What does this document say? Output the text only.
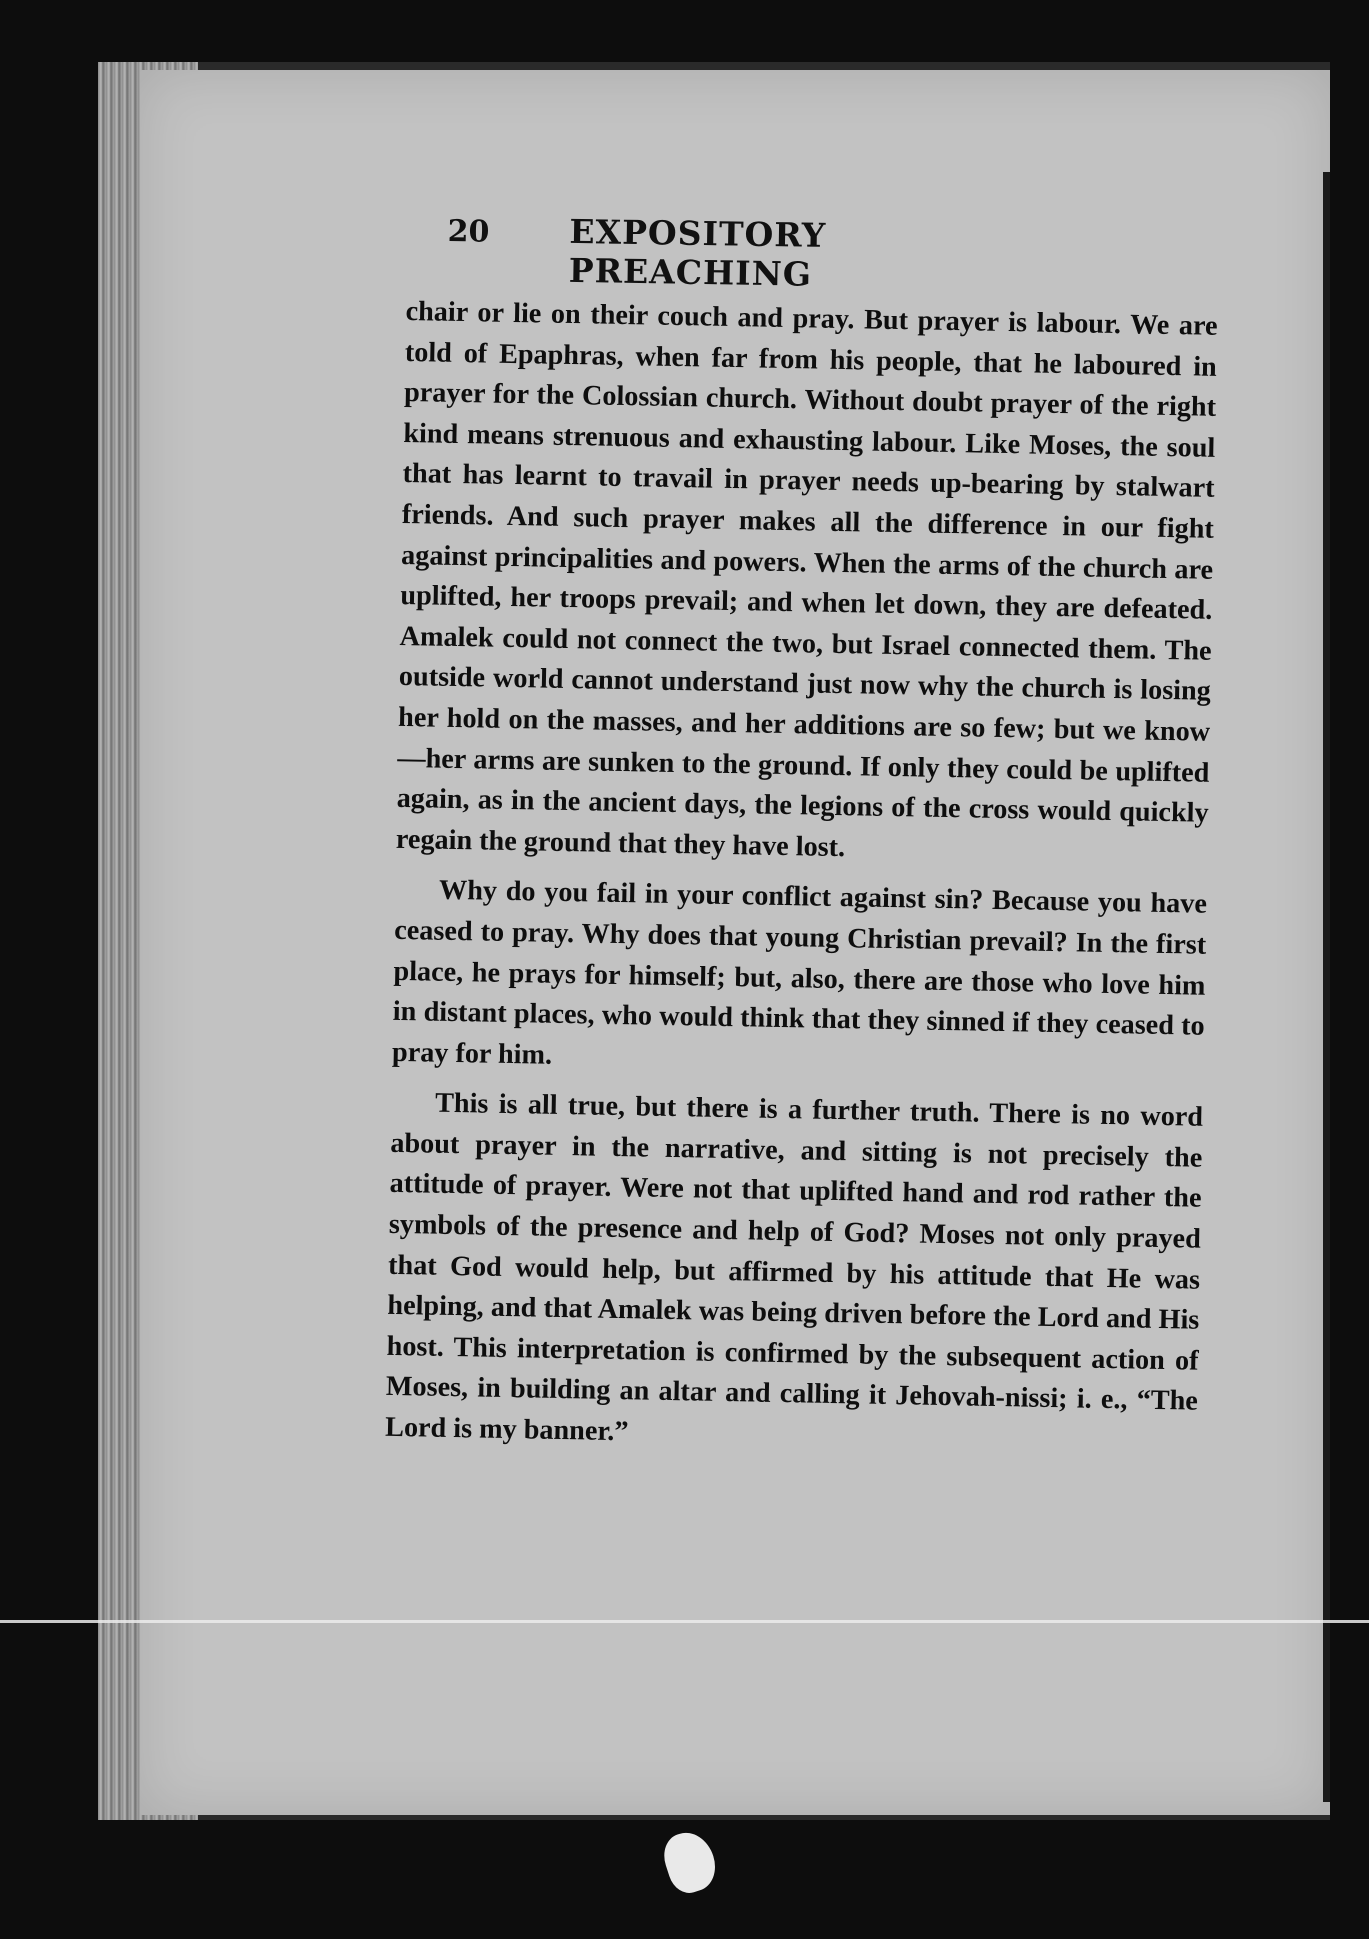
20 EXPOSITORY PREACHING

chair or lie on their couch and pray. But prayer is labour. We are told of Epaphras, when far from his people, that he laboured in prayer for the Colossian church. Without doubt prayer of the right kind means strenuous and exhausting labour. Like Moses, the soul that has learnt to travail in prayer needs up-bearing by stalwart friends. And such prayer makes all the difference in our fight against principalities and powers. When the arms of the church are uplifted, her troops prevail; and when let down, they are defeated. Amalek could not connect the two, but Israel connected them. The outside world cannot understand just now why the church is losing her hold on the masses, and her additions are so few; but we know—her arms are sunken to the ground. If only they could be uplifted again, as in the ancient days, the legions of the cross would quickly regain the ground that they have lost.

Why do you fail in your conflict against sin? Because you have ceased to pray. Why does that young Christian prevail? In the first place, he prays for himself; but, also, there are those who love him in distant places, who would think that they sinned if they ceased to pray for him.

This is all true, but there is a further truth. There is no word about prayer in the narrative, and sitting is not precisely the attitude of prayer. Were not that uplifted hand and rod rather the symbols of the presence and help of God? Moses not only prayed that God would help, but affirmed by his attitude that He was helping, and that Amalek was being driven before the Lord and His host. This interpretation is confirmed by the subsequent action of Moses, in building an altar and calling it Jehovah-nissi; i. e., “The Lord is my banner.”
